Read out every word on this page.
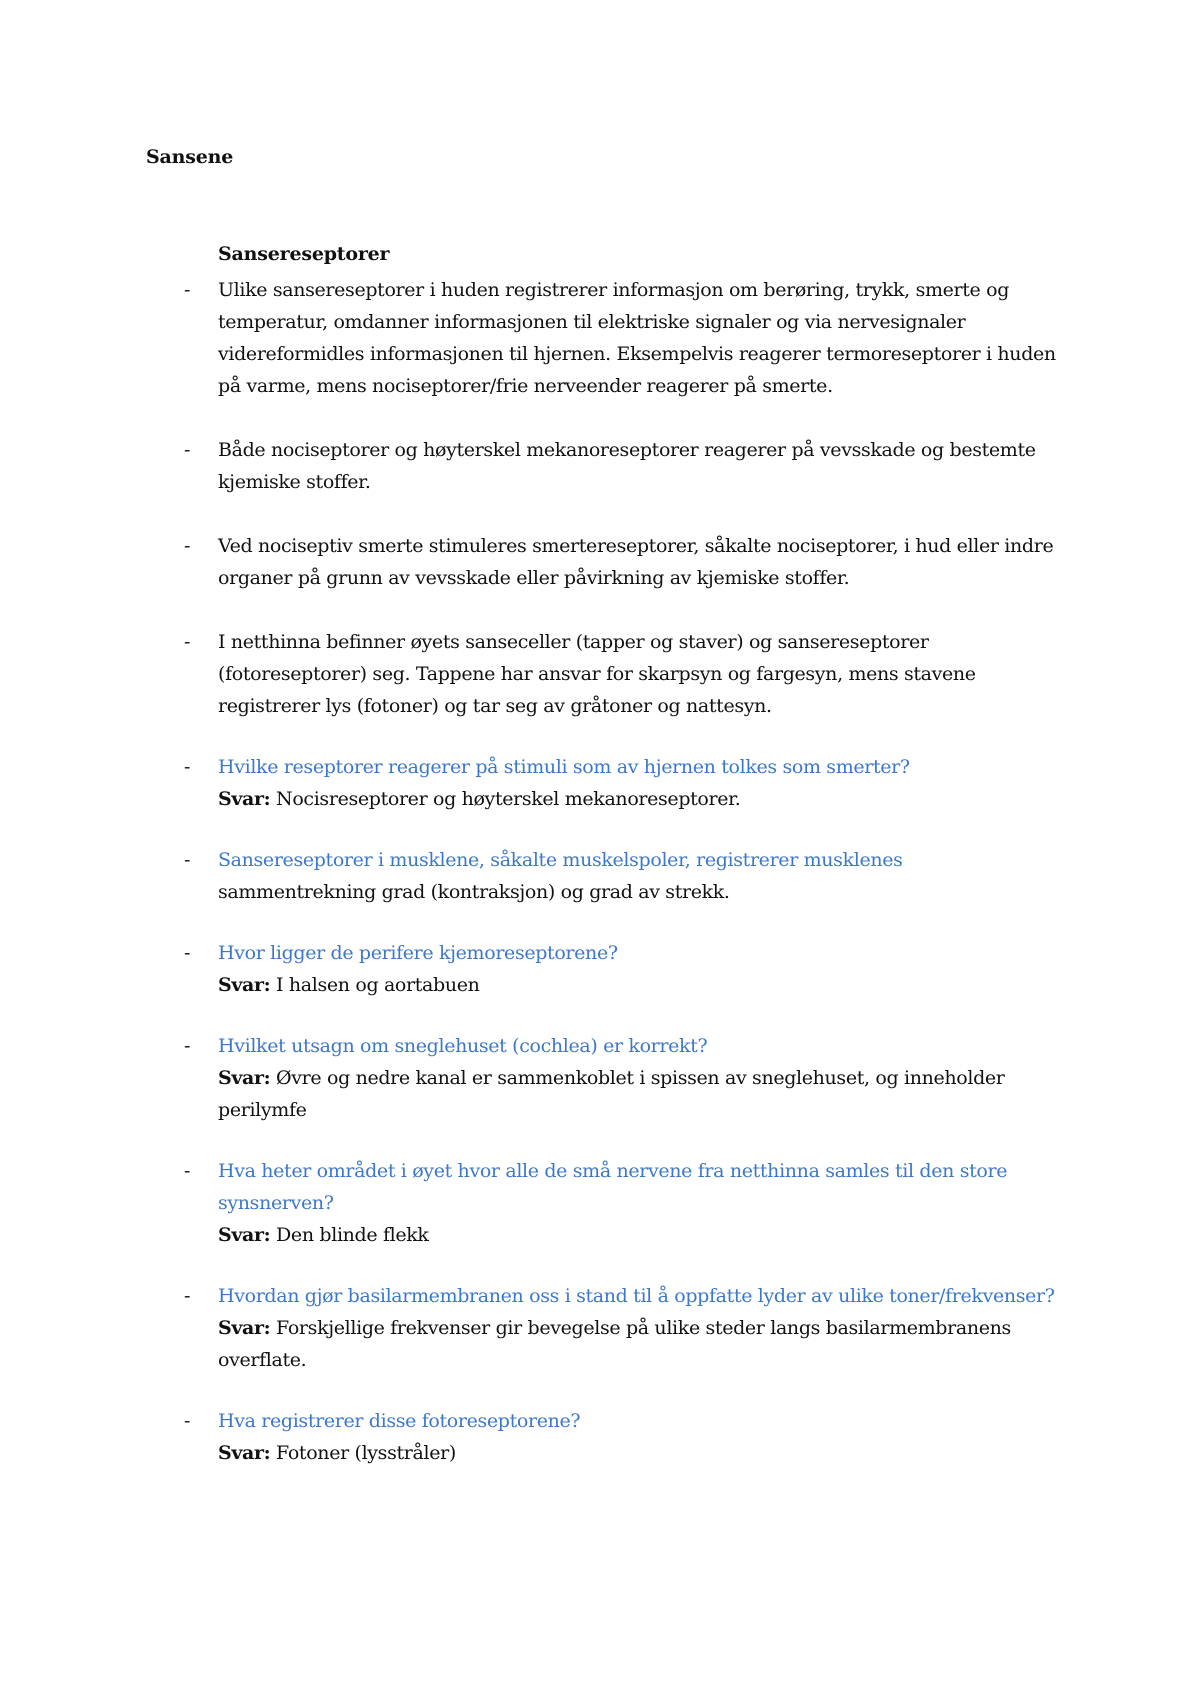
Sansene
Sansereseptorer
-	Ulike sansereseptorer i huden registrerer informasjon om berøring, trykk, smerte og temperatur, omdanner informasjonen til elektriske signaler og via nervesignaler videreformidles informasjonen til hjernen. Eksempelvis reagerer termoreseptorer i huden på varme, mens nociseptorer/frie nerveender reagerer på smerte.
-	Både nociseptorer og høyterskel mekanoreseptorer reagerer på vevsskade og bestemte kjemiske stoffer.
-	Ved nociseptiv smerte stimuleres smertereseptorer, såkalte nociseptorer, i hud eller indre organer på grunn av vevsskade eller påvirkning av kjemiske stoffer.
-	I netthinna befinner øyets sanseceller (tapper og staver) og sansereseptorer (fotoreseptorer) seg. Tappene har ansvar for skarpsyn og fargesyn, mens stavene registrerer lys (fotoner) og tar seg av gråtoner og nattesyn.
-	Hvilke reseptorer reagerer på stimuli som av hjernen tolkes som smerter?
Svar: Nocisreseptorer og høyterskel mekanoreseptorer.
-	Sansereseptorer i musklene, såkalte muskelspoler, registrerer musklenes
sammentrekning grad (kontraksjon) og grad av strekk.
-	Hvor ligger de perifere kjemoreseptorene?
Svar: I halsen og aortabuen
-	Hvilket utsagn om sneglehuset (cochlea) er korrekt?
Svar: Øvre og nedre kanal er sammenkoblet i spissen av sneglehuset, og inneholder perilymfe
-	Hva heter området i øyet hvor alle de små nervene fra netthinna samles til den store synsnerven?
Svar: Den blinde flekk
-	Hvordan gjør basilarmembranen oss i stand til å oppfatte lyder av ulike toner/frekvenser?
Svar: Forskjellige frekvenser gir bevegelse på ulike steder langs basilarmembranens overflate.
-	Hva registrerer disse fotoreseptorene?
Svar: Fotoner (lysstråler)
